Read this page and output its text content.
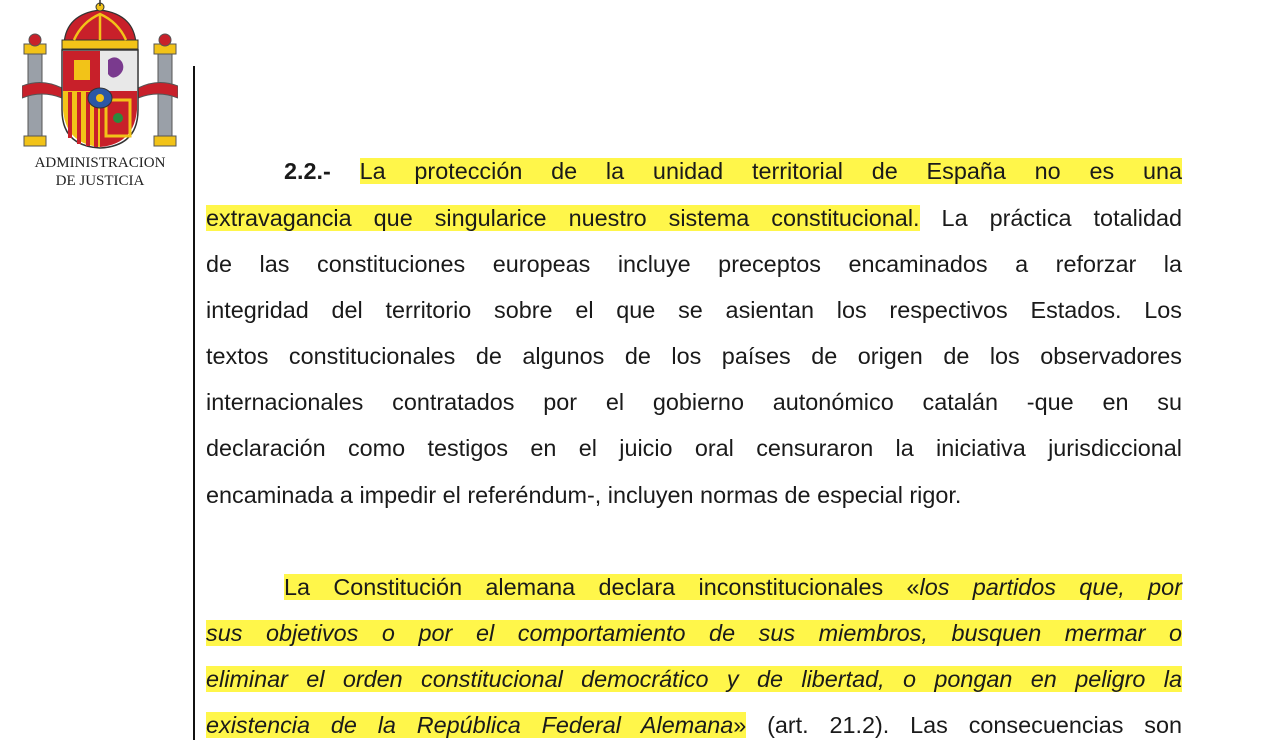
ADMINISTRACION
DE JUSTICIA	2.2.- La protección de la unidad territorial de España no es una
extravagancia que singularice nuestro sistema constitucional. La práctica totalidad
de las constituciones europeas incluye preceptos encaminados a reforzar la
integridad del territorio sobre el que se asientan los respectivos Estados. Los
textos constitucionales de algunos de los países de origen de los observadores
internacionales contratados por el gobierno autonómico catalán -que en su
declaración como testigos en el juicio oral censuraron la iniciativa jurisdiccional
encaminada a impedir el referéndum-, incluyen normas de especial rigor.
La Constitución alemana declara inconstitucionales «los partidos que, por
sus objetivos o por el comportamiento de sus miembros, busquen mermar o
eliminar el orden constitucional democrático y de libertad, o pongan en peligro la
existencia de la República Federal Alemana» (art. 21.2). Las consecuencias son
